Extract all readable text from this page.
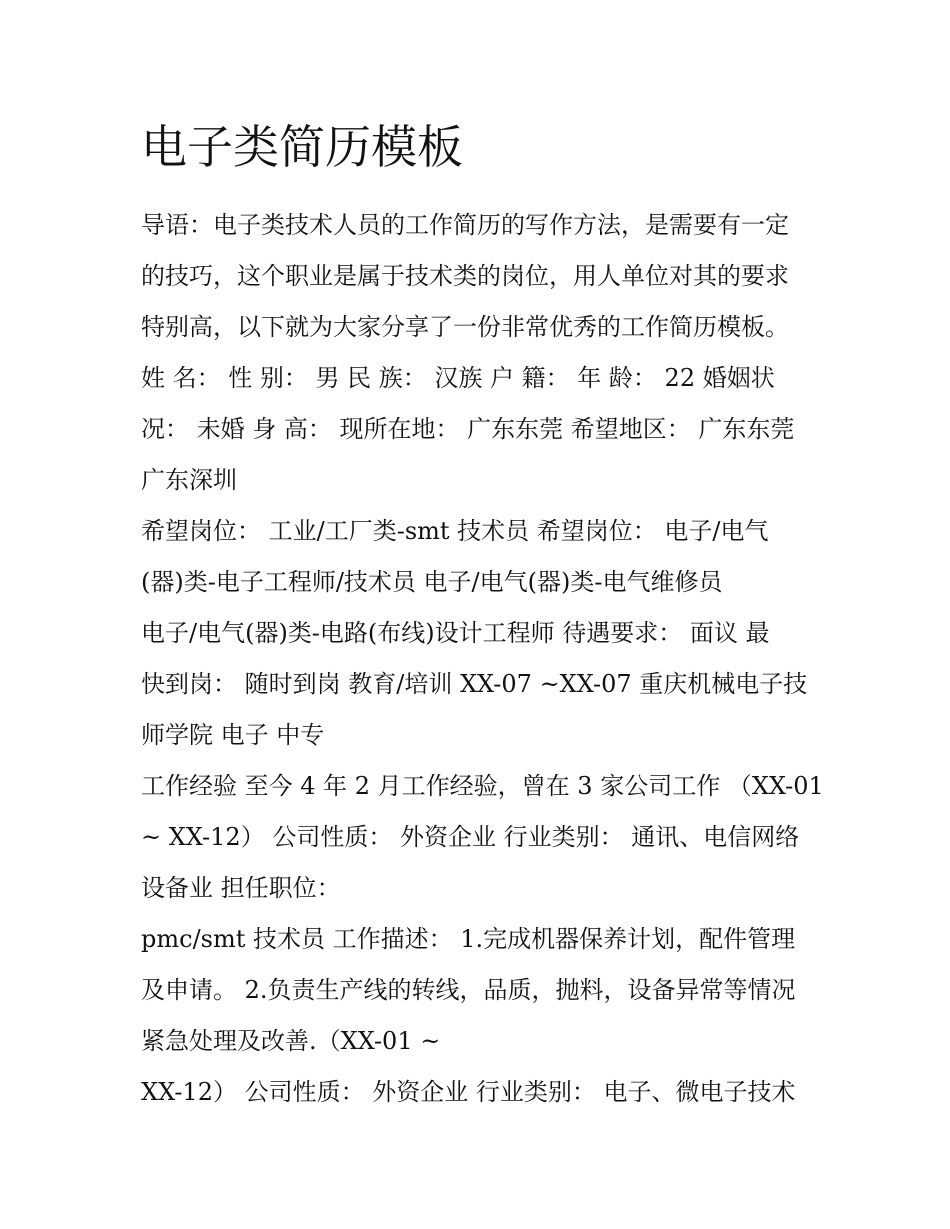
电子类简历模板
导语：电子类技术人员的工作简历的写作方法，是需要有一定
的技巧，这个职业是属于技术类的岗位，用人单位对其的要求
特别高，以下就为大家分享了一份非常优秀的工作简历模板。
姓 名： 性 别： 男 民 族： 汉族 户 籍： 年 龄： 22 婚姻状
况： 未婚 身 高： 现所在地： 广东东莞 希望地区： 广东东莞
广东深圳
希望岗位： 工业/工厂类-smt 技术员 希望岗位： 电子/电气
(器)类-电子工程师/技术员 电子/电气(器)类-电气维修员
电子/电气(器)类-电路(布线)设计工程师 待遇要求： 面议 最
快到岗： 随时到岗 教育/培训 XX-07 ~XX-07 重庆机械电子技
师学院 电子 中专
工作经验 至今 4 年 2 月工作经验，曾在 3 家公司工作 （XX-01
~ XX-12） 公司性质： 外资企业 行业类别： 通讯、电信网络
设备业 担任职位：
pmc/smt 技术员 工作描述： 1.完成机器保养计划，配件管理
及申请。 2.负责生产线的转线，品质，抛料，设备异常等情况
紧急处理及改善.（XX-01 ~
XX-12） 公司性质： 外资企业 行业类别： 电子、微电子技术
